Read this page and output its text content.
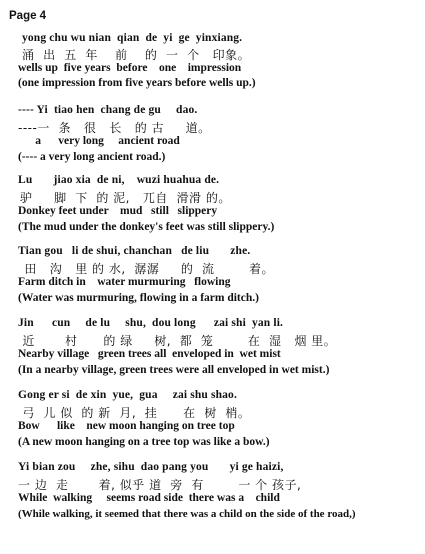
Page 4
yong chu wu nian  qian  de  yi  ge  yinxiang.
涌  出  五  年    前    的  一  个   印象。
wells up  five years  before    one    impression
(one impression from five years before wells up.)
---- Yi  tiao hen  chang de gu     dao.
----一  条   很   长   的 古     道。
a      very long     ancient road
(---- a very long ancient road.)
Lu       jiao xia  de ni,    wuzi huahua de.
驴     脚  下  的 泥,   兀自  滑滑 的。
Donkey feet under    mud   still   slippery
(The mud under the donkey's feet was still slippery.)
Tian gou   li de shui, chanchan   de liu       zhe.
田   沟   里 的 水,  潺潺     的  流        着。
Farm ditch in    water murmuring   flowing
(Water was murmuring, flowing in a farm ditch.)
Jin      cun     de lu     shu,  dou long      zai shi  yan li.
近       村      的 绿     树,  都  笼        在  湿   烟 里。
Nearby village   green trees all  enveloped in  wet mist
(In a nearby village, green trees were all enveloped in wet mist.)
Gong er si  de xin  yue,  gua     zai shu shao.
弓  儿 似  的 新  月,  挂      在  树  梢。
Bow      like    new moon hanging on tree top
(A new moon hanging on a tree top was like a bow.)
Yi bian zou     zhe, sihu  dao pang you       yi ge haizi,
一 边  走       着, 似乎 道  旁  有        一 个 孩子,
While  walking     seems road side  there was a    child
(While walking, it seemed that there was a child on the side of the road,)
